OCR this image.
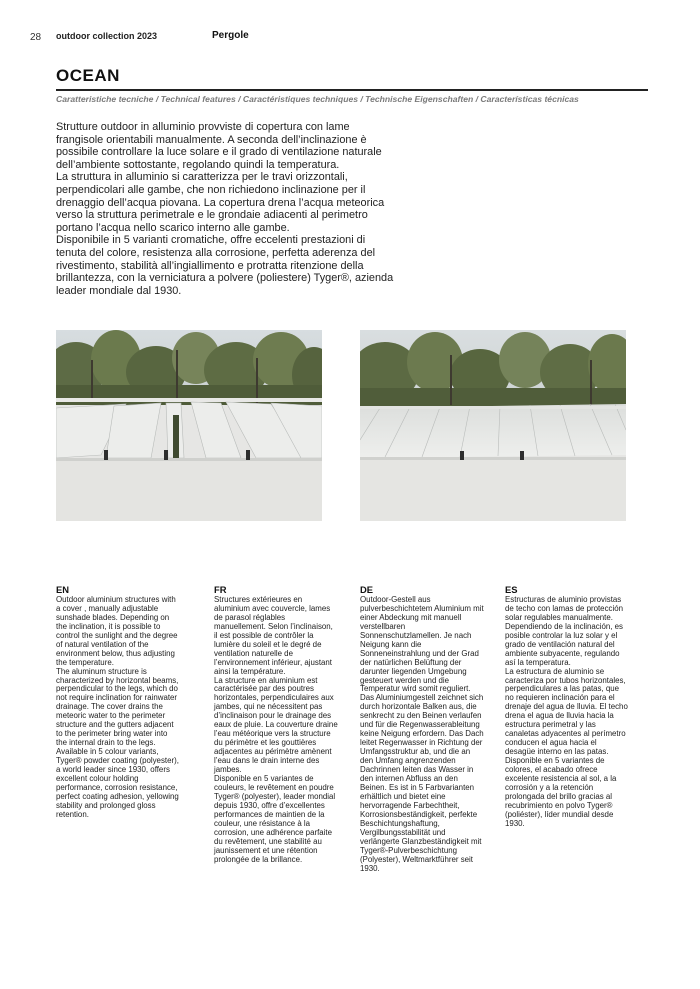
28 outdoor collection 2023	Pergole
OCEAN
Caratteristiche tecniche / Technical features / Caractéristiques techniques / Technische Eigenschaften / Características técnicas

Strutture outdoor in alluminio provviste di copertura con lame frangisole orientabili manualmente. A seconda dell’inclinazione è possibile controllare la luce solare e il grado di ventilazione naturale dell’ambiente sottostante, regolando quindi la temperatura.

La struttura in alluminio si caratterizza per le travi orizzontali, perpendicolari alle gambe, che non richiedono inclinazione per il drenaggio dell’acqua piovana. La copertura drena l’acqua meteorica verso la struttura perimetrale e le grondaie adiacenti al perimetro portano l’acqua nello scarico interno alle gambe.

Disponibile in 5 varianti cromatiche, offre eccelenti prestazioni di tenuta del colore, resistenza alla corrosione, perfetta aderenza del rivestimento, stabilità all’ingiallimento e protratta ritenzione della brillantezza, con la verniciatura a polvere (poliestere) Tyger®, azienda leader mondiale dal 1930.

EN

Outdoor aluminium structures with a cover , manually adjustable sunshade blades. Depending on the inclination, it is possible to control the sunlight and the degree of natural ventilation of the environment below, thus adjusting the temperature.

The aluminum structure is characterized by horizontal beams, perpendicular to the legs, which do not require inclination for rainwater drainage. The cover drains the meteoric water to the perimeter structure and the gutters adjacent to the perimeter bring water into the internal drain to the legs.

Available in 5 colour variants, Tyger® powder coating (polyester), a world leader since 1930, offers excellent colour holding performance, corrosion resistance, perfect coating adhesion, yellowing stability and prolonged gloss retention.

FR

Structures extérieures en aluminium avec couvercle, lames de parasol réglables manuellement. Selon l’inclinaison, il est possible de contrôler la lumière du soleil et le degré de ventilation naturelle de l’environnement inférieur, ajustant ainsi la température.

La structure en aluminium est caractérisée par des poutres horizontales, perpendiculaires aux jambes, qui ne nécessitent pas d’inclinaison pour le drainage des eaux de pluie. La couverture draine l’eau météorique vers la structure du périmètre et les gouttières adjacentes au périmètre amènent l’eau dans le drain interne des jambes.

Disponible en 5 variantes de couleurs, le revêtement en poudre Tyger® (polyester), leader mondial depuis 1930, offre d’excellentes performances de maintien de la couleur, une résistance à la corrosion, une adhérence parfaite du revêtement, une stabilité au jaunissement et une rétention prolongée de la brillance.

DE

Outdoor-Gestell aus pulverbeschichtetem Aluminium mit einer Abdeckung mit manuell verstellbaren Sonnenschutzlamellen. Je nach Neigung kann die Sonneneinstrahlung und der Grad der natürlichen Belüftung der darunter liegenden Umgebung gesteuert werden und die Temperatur wird somit reguliert. Das Aluminiumgestell zeichnet sich durch horizontale Balken aus, die senkrecht zu den Beinen verlaufen und für die Regenwasserableitung keine Neigung erfordern. Das Dach leitet Regenwasser in Richtung der Umfangsstruktur ab, und die an den Umfang angrenzenden Dachrinnen leiten das Wasser in den internen Abfluss an den Beinen. Es ist in 5 Farbvarianten erhältlich und bietet eine hervorragende Farbechtheit, Korrosionsbeständigkeit, perfekte Beschichtungshaftung, Vergilbungsstabilität und verlängerte Glanzbeständigkeit mit Tyger®-Pulverbeschichtung (Polyester), Weltmarktführer seit 1930.

ES

Estructuras de aluminio provistas de techo con lamas de protección solar regulables manualmente. Dependiendo de la inclinación, es posible controlar la luz solar y el grado de ventilación natural del ambiente subyacente, regulando así la temperatura.

La estructura de aluminio se caracteriza por tubos horizontales, perpendiculares a las patas, que no requieren inclinación para el drenaje del agua de lluvia. El techo drena el agua de lluvia hacia la estructura perimetral y las canaletas adyacentes al perímetro conducen el agua hacia el desagüe interno en las patas.

Disponible en 5 variantes de colores, el acabado ofrece excelente resistencia al sol, a la corrosión y a la retención prolongada del brillo gracias al recubrimiento en polvo Tyger® (poliéster), líder mundial desde 1930.
